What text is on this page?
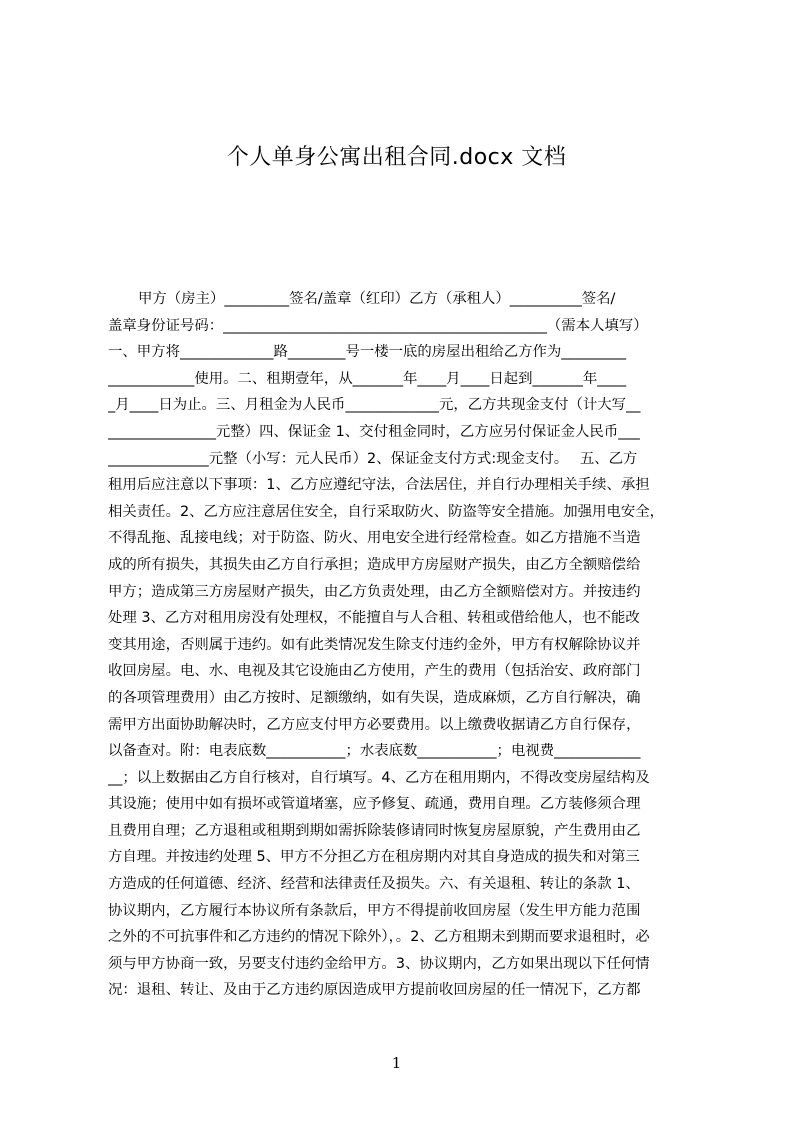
个人单身公寓出租合同.docx 文档
甲方（房主）_________签名/盖章（红印）乙方（承租人）__________签名/
盖章身份证号码：_____________________________________________（需本人填写）
一、甲方将_____________路________号一楼一底的房屋出租给乙方作为_________
____________使用。二、租期壹年，从_______年____月____日起到_______年____
_月____日为止。三、月租金为人民币_____________元，乙方共现金支付（计大写__
_______________元整）四、保证金 1、交付租金同时，乙方应另付保证金人民币___
______________元整（小写：元人民币）2、保证金支付方式:现金支付。　 五、乙方
租用后应注意以下事项：1、乙方应遵纪守法，合法居住，并自行办理相关手续、承担
相关责任。2、乙方应注意居住安全，自行采取防火、防盗等安全措施。加强用电安全，
不得乱拖、乱接电线；对于防盗、防火、用电安全进行经常检查。如乙方措施不当造
成的所有损失，其损失由乙方自行承担；造成甲方房屋财产损失，由乙方全额赔偿给
甲方；造成第三方房屋财产损失，由乙方负责处理，由乙方全额赔偿对方。并按违约
处理 3、乙方对租用房没有处理权，不能擅自与人合租、转租或借给他人，也不能改
变其用途，否则属于违约。如有此类情况发生除支付违约金外，甲方有权解除协议并
收回房屋。电、水、电视及其它设施由乙方使用，产生的费用（包括治安、政府部门
的各项管理费用）由乙方按时、足额缴纳，如有失误，造成麻烦，乙方自行解决，确
需甲方出面协助解决时，乙方应支付甲方必要费用。以上缴费收据请乙方自行保存，
以备查对。附：电表底数___________；水表底数___________；电视费____________
__；以上数据由乙方自行核对，自行填写。4、乙方在租用期内，不得改变房屋结构及
其设施；使用中如有损坏或管道堵塞，应予修复、疏通，费用自理。乙方装修须合理
且费用自理；乙方退租或租期到期如需拆除装修请同时恢复房屋原貌，产生费用由乙
方自理。并按违约处理 5、甲方不分担乙方在租房期内对其自身造成的损失和对第三
方造成的任何道德、经济、经营和法律责任及损失。六、有关退租、转让的条款 1、
协议期内，乙方履行本协议所有条款后，甲方不得提前收回房屋（发生甲方能力范围
之外的不可抗事件和乙方违约的情况下除外），。2、乙方租期未到期而要求退租时，必
须与甲方协商一致，另要支付违约金给甲方。3、协议期内，乙方如果出现以下任何情
况：退租、转让、及由于乙方违约原因造成甲方提前收回房屋的任一情况下，乙方都
1
